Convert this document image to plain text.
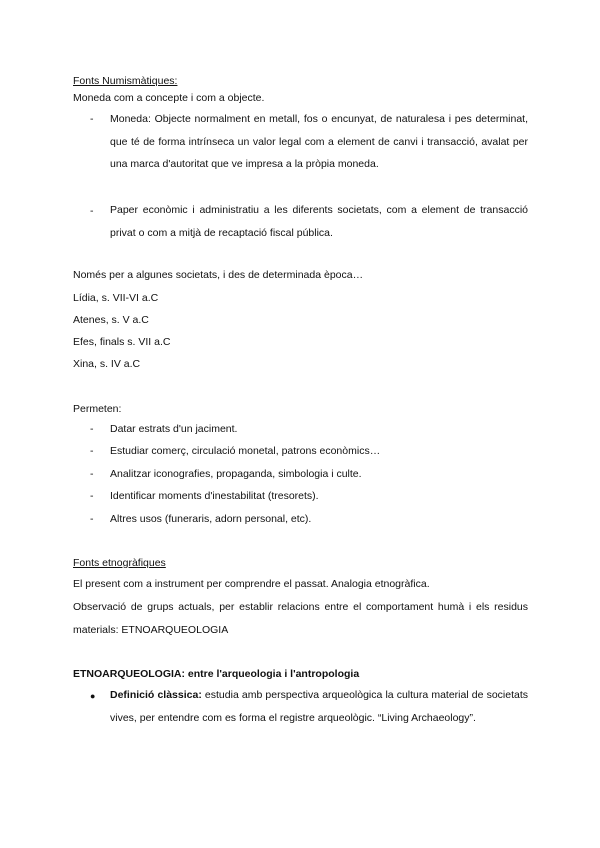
Fonts Numismàtiques:
Moneda com a concepte i com a objecte.
- Moneda: Objecte normalment en metall, fos o encunyat, de naturalesa i pes determinat, que té de forma intrínseca un valor legal com a element de canvi i transacció, avalat per una marca d'autoritat que ve impresa a la pròpia moneda.
- Paper econòmic i administratiu a les diferents societats, com a element de transacció privat o com a mitjà de recaptació fiscal pública.
Només per a algunes societats, i des de determinada època…
Lídia, s. VII-VI a.C
Atenes, s. V a.C
Efes, finals s. VII a.C
Xina, s. IV a.C
Permeten:
- Datar estrats d'un jaciment.
- Estudiar comerç, circulació monetal, patrons econòmics…
- Analitzar iconografies, propaganda, simbologia i culte.
- Identificar moments d'inestabilitat (tresorets).
- Altres usos (funeraris, adorn personal, etc).
Fonts etnogràfiques
El present com a instrument per comprendre el passat. Analogia etnogràfica.
Observació de grups actuals, per establir relacions entre el comportament humà i els residus materials: ETNOARQUEOLOGIA
ETNOARQUEOLOGIA: entre l'arqueologia i l'antropologia
● Definició clàssica: estudia amb perspectiva arqueològica la cultura material de societats vives, per entendre com es forma el registre arqueològic. “Living Archaeology”.
